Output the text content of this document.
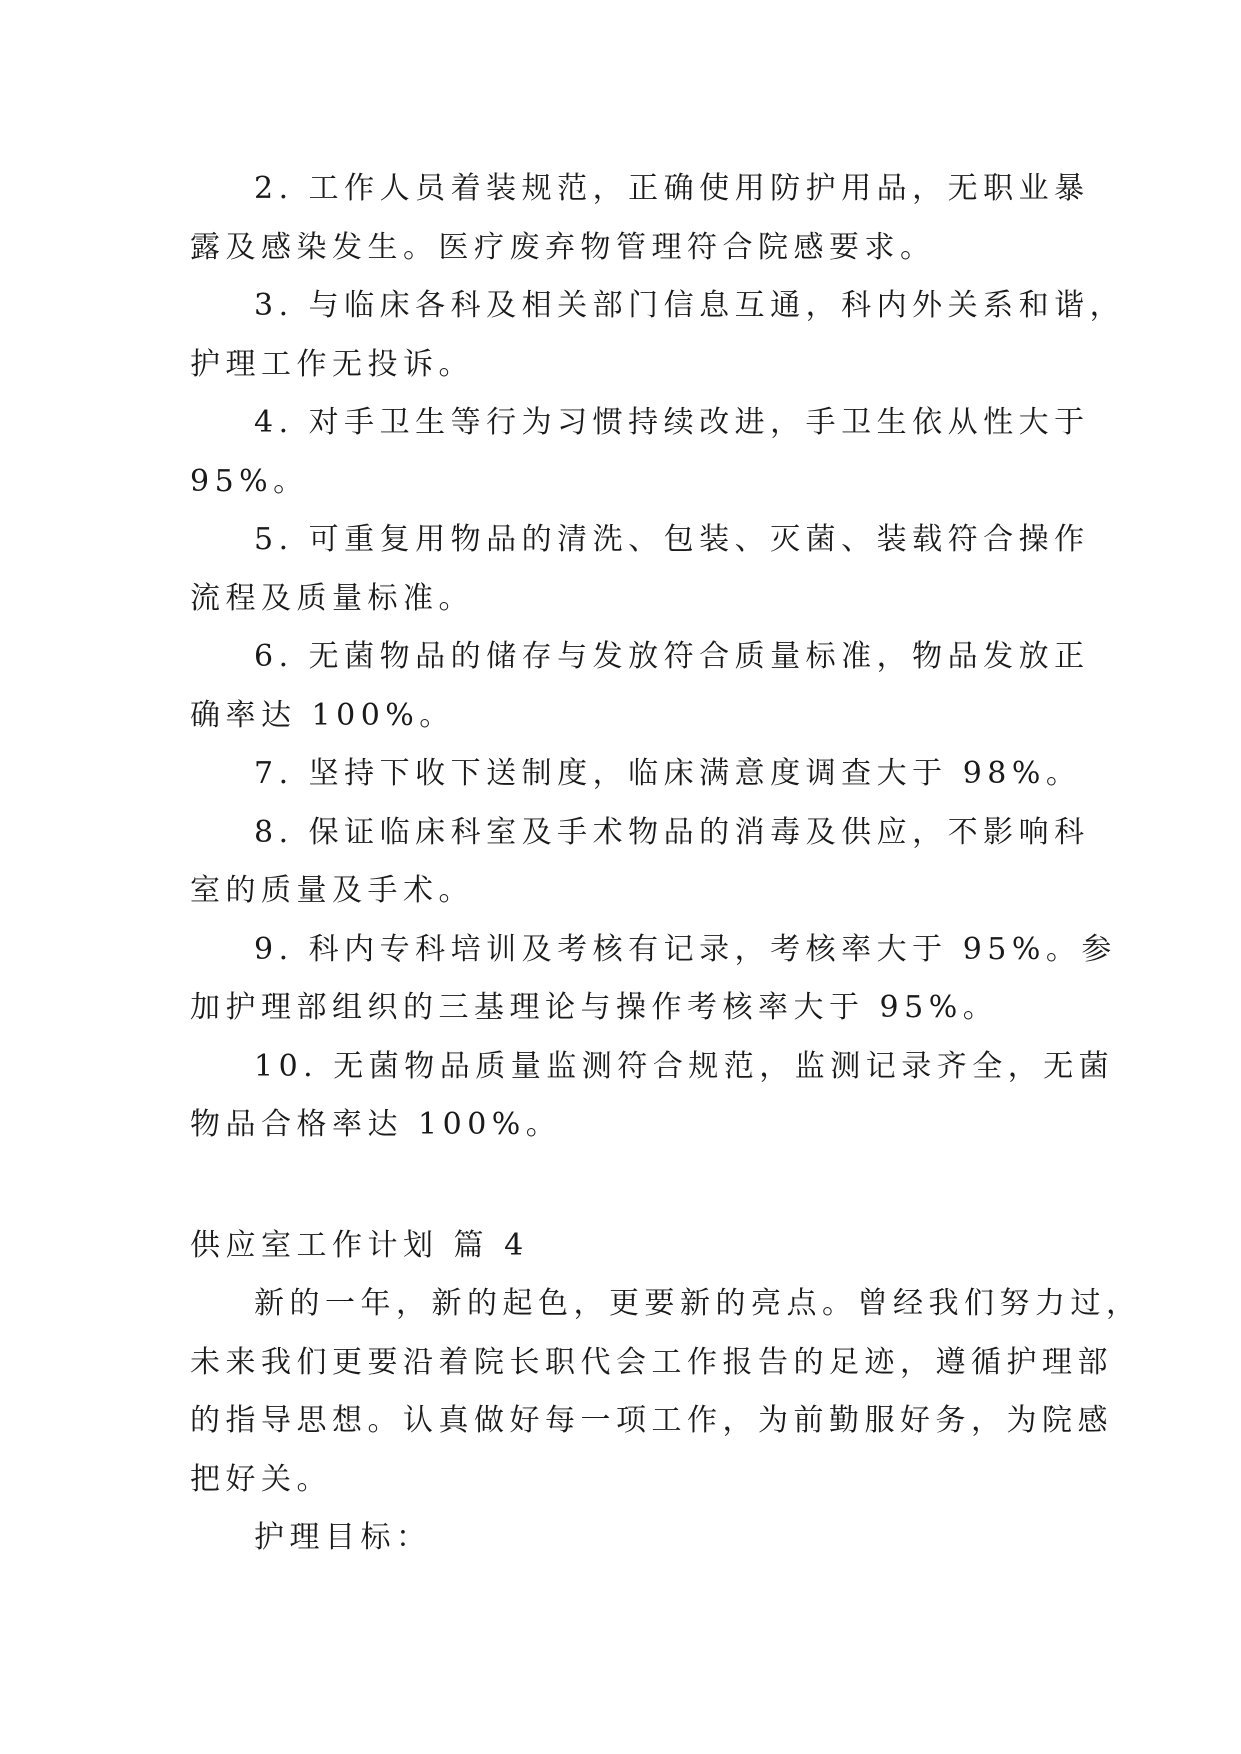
2. 工作人员着装规范，正确使用防护用品，无职业暴
露及感染发生。医疗废弃物管理符合院感要求。

3. 与临床各科及相关部门信息互通，科内外关系和谐，
护理工作无投诉。

4. 对手卫生等行为习惯持续改进，手卫生依从性大于
95%。

5. 可重复用物品的清洗、包装、灭菌、装载符合操作
流程及质量标准。

6. 无菌物品的储存与发放符合质量标准，物品发放正
确率达 100%。

7. 坚持下收下送制度，临床满意度调查大于 98%。

8. 保证临床科室及手术物品的消毒及供应，不影响科
室的质量及手术。

9. 科内专科培训及考核有记录，考核率大于 95%。参
加护理部组织的三基理论与操作考核率大于 95%。

10. 无菌物品质量监测符合规范，监测记录齐全，无菌
物品合格率达 100%。

供应室工作计划 篇 4

新的一年，新的起色，更要新的亮点。曾经我们努力过，
未来我们更要沿着院长职代会工作报告的足迹，遵循护理部
的指导思想。认真做好每一项工作，为前勤服好务，为院感
把好关。

护理目标：
